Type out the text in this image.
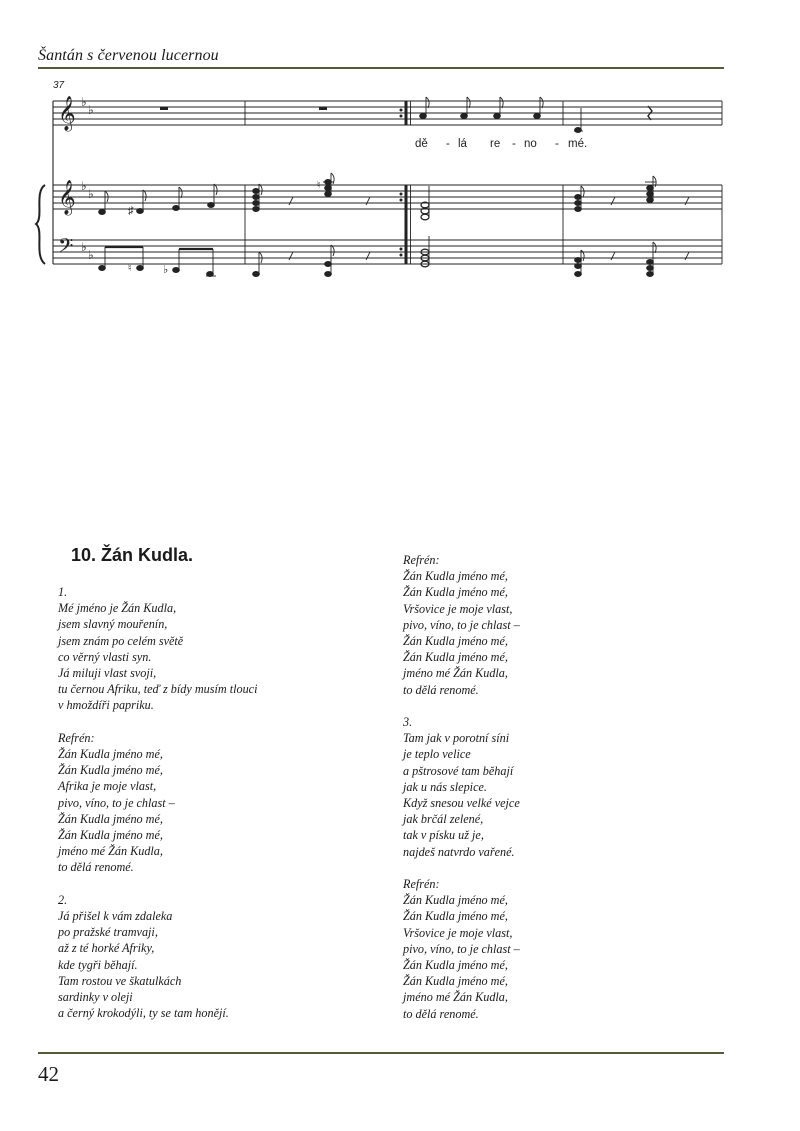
Šantán s červenou lucernou
𝄞
𝄞
𝄢
♭
♭
♭
♭
♭
♭
37
dě - lá re - no - mé.
♯
♮
♮	♭
10. Žán Kudla.
1.
Mé jméno je Žán Kudla,
jsem slavný mouřenín,
jsem znám po celém světě
co věrný vlasti syn.
Já miluji vlast svoji,
tu černou Afriku, teď z bídy musím tlouci
v hmoždíři papriku.
Refrén:
Žán Kudla jméno mé,
Žán Kudla jméno mé,
Afrika je moje vlast,
pivo, víno, to je chlast –
Žán Kudla jméno mé,
Žán Kudla jméno mé,
jméno mé Žán Kudla,
to dělá renomé.
2.
Já přišel k vám zdaleka
po pražské tramvaji,
až z té horké Afriky,
kde tygři běhají.
Tam rostou ve škatulkách
sardinky v oleji
a černý krokodýli, ty se tam honějí.
Refrén:
Žán Kudla jméno mé,
Žán Kudla jméno mé,
Vršovice je moje vlast,
pivo, víno, to je chlast –
Žán Kudla jméno mé,
Žán Kudla jméno mé,
jméno mé Žán Kudla,
to dělá renomé.
3.
Tam jak v porotní síni
je teplo velice
a pštrosové tam běhají
jak u nás slepice.
Když snesou velké vejce
jak brčál zelené,
tak v písku už je,
najdeš natvrdo vařené.
Refrén:
Žán Kudla jméno mé,
Žán Kudla jméno mé,
Vršovice je moje vlast,
pivo, víno, to je chlast –
Žán Kudla jméno mé,
Žán Kudla jméno mé,
jméno mé Žán Kudla,
to dělá renomé.
42
